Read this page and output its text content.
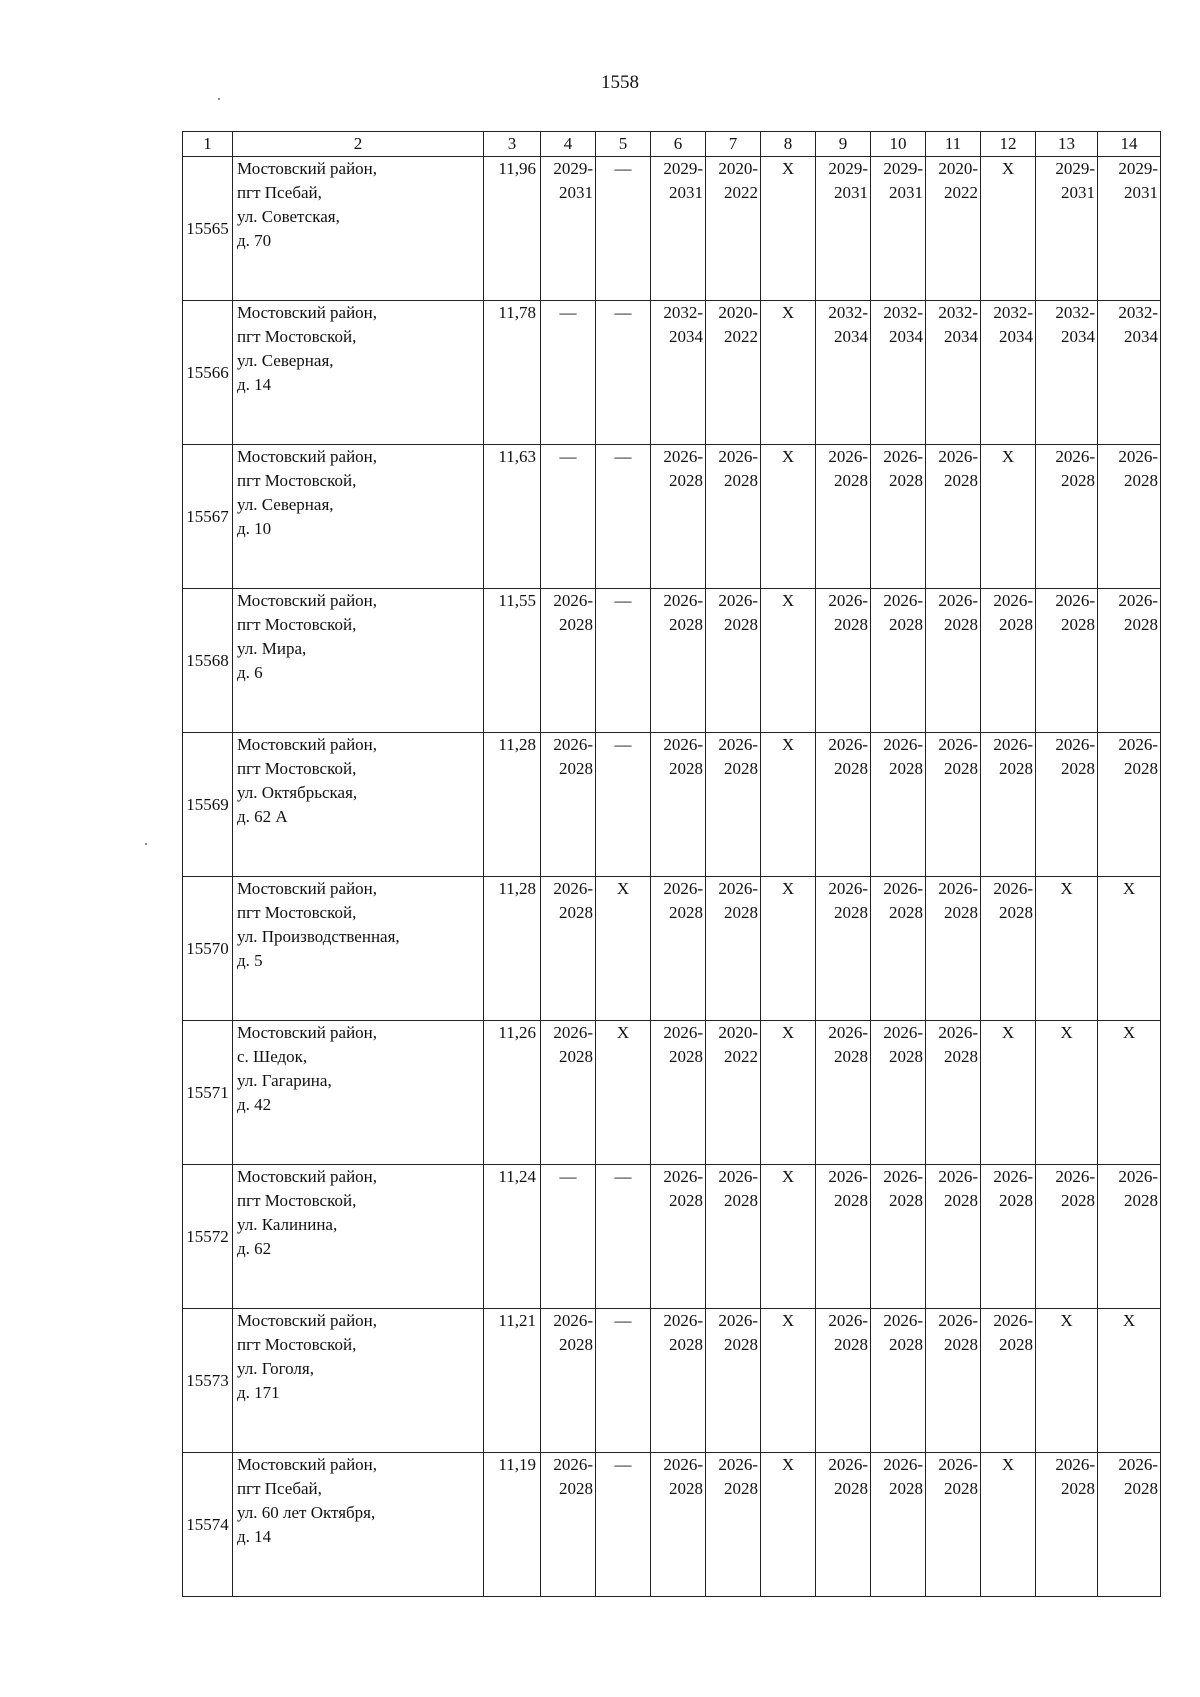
1558
1	2	3	4	5	6	7	8	9	10	11	12	13	14
15565	Мостовский район,
пгт Псебай,
ул. Советская,
д. 70	11,96	2029-
2031	—	2029-
2031	2020-
2022	Х	2029-
2031	2029-
2031	2020-
2022	Х	2029-
2031	2029-
2031

15566	Мостовский район,
пгт Мостовской,
ул. Северная,
д. 14	11,78	—	—	2032-
2034	2020-
2022	Х	2032-
2034	2032-
2034	2032-
2034	2032-
2034	2032-
2034	2032-
2034

15567	Мостовский район,
пгт Мостовской,
ул. Северная,
д. 10	11,63	—	—	2026-
2028	2026-
2028	Х	2026-
2028	2026-
2028	2026-
2028	Х	2026-
2028	2026-
2028

15568	Мостовский район,
пгт Мостовской,
ул. Мира,
д. 6	11,55	2026-
2028	—	2026-
2028	2026-
2028	Х	2026-
2028	2026-
2028	2026-
2028	2026-
2028	2026-
2028	2026-
2028

15569	Мостовский район,
пгт Мостовской,
ул. Октябрьская,
д. 62 А	11,28	2026-
2028	—	2026-
2028	2026-
2028	Х	2026-
2028	2026-
2028	2026-
2028	2026-
2028	2026-
2028	2026-
2028

15570	Мостовский район,
пгт Мостовской,
ул. Производственная,
д. 5	11,28	2026-
2028	Х	2026-
2028	2026-
2028	Х	2026-
2028	2026-
2028	2026-
2028	2026-
2028	Х	Х

15571	Мостовский район,
с. Шедок,
ул. Гагарина,
д. 42	11,26	2026-
2028	Х	2026-
2028	2020-
2022	Х	2026-
2028	2026-
2028	2026-
2028	Х	Х	Х

15572	Мостовский район,
пгт Мостовской,
ул. Калинина,
д. 62	11,24	—	—	2026-
2028	2026-
2028	Х	2026-
2028	2026-
2028	2026-
2028	2026-
2028	2026-
2028	2026-
2028

15573	Мостовский район,
пгт Мостовской,
ул. Гоголя,
д. 171	11,21	2026-
2028	—	2026-
2028	2026-
2028	Х	2026-
2028	2026-
2028	2026-
2028	2026-
2028	Х	Х

15574	Мостовский район,
пгт Псебай,
ул. 60 лет Октября,
д. 14	11,19	2026-
2028	—	2026-
2028	2026-
2028	Х	2026-
2028	2026-
2028	2026-
2028	Х	2026-
2028	2026-
2028
